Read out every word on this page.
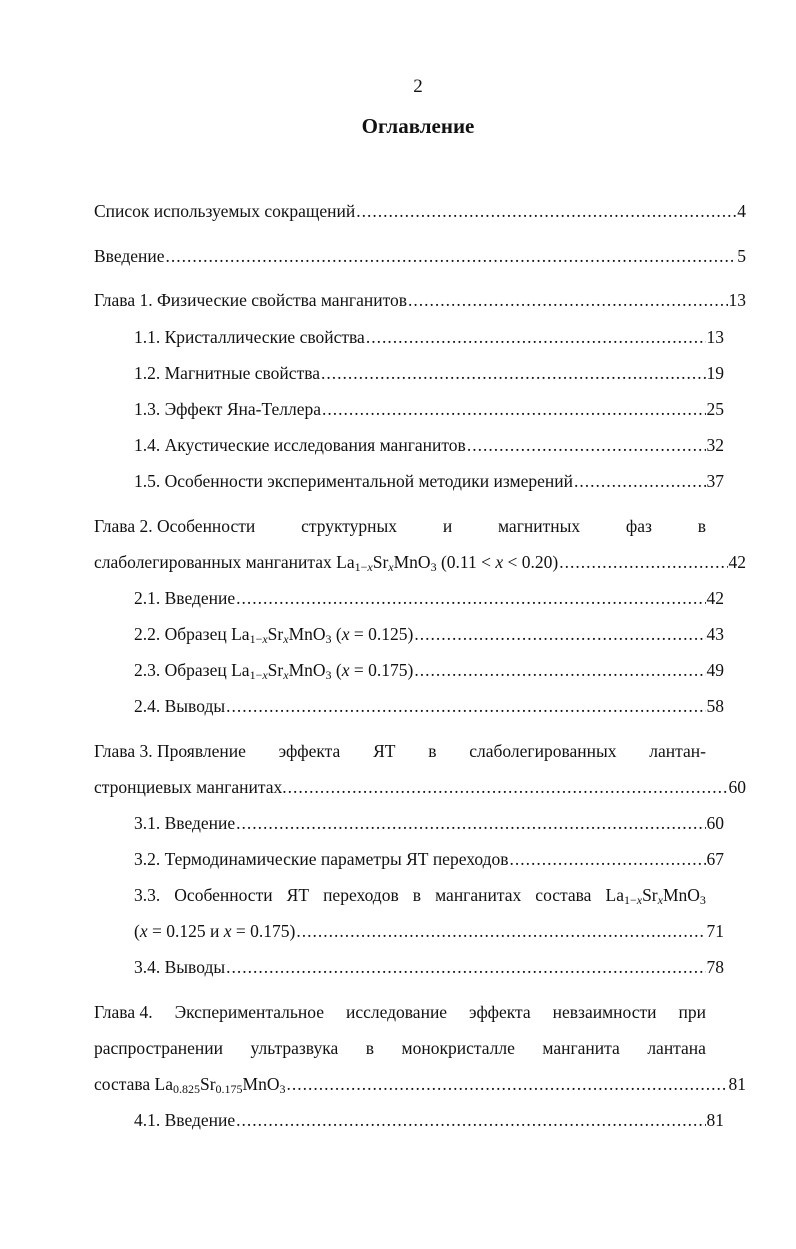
2
Оглавление
Список используемых сокращений .....	4
Введение .....	5
Глава 1. Физические свойства манганитов .....	13
1.1. Кристаллические свойства .....	13
1.2. Магнитные свойства .....	19
1.3. Эффект Яна-Теллера .....	25
1.4. Акустические исследования манганитов .....	32
1.5. Особенности экспериментальной методики измерений .....	37
Глава 2. Особенности	структурных	и	магнитных	фаз	в
слаболегированных манганитах $La_{1-x}Sr_xMnO_3$ (0.11 < x < 0.20) .....	42
2.1. Введение .....	42
2.2. Образец $La_{1-x}Sr_xMnO_3$ (x = 0.125) .....	43
2.3. Образец $La_{1-x}Sr_xMnO_3$ (x = 0.175) .....	49
2.4. Выводы .....	58
Глава 3. Проявление эффекта ЯТ в слаболегированных лантан-
стронциевых манганитах. .....	60
3.1. Введение .....	60
3.2. Термодинамические параметры ЯТ переходов .....	67
3.3. Особенности ЯТ переходов в манганитах состава $La_{1-x}Sr_xMnO_3$
(x = 0.125 и x = 0.175) .....	71
3.4. Выводы .....	78
Глава 4. Экспериментальное исследование эффекта невзаимности при
распространении ультразвука в монокристалле манганита лантана
состава $La_{0.825}Sr_{0.175}MnO_3$ .....	81
4.1. Введение .....	81
